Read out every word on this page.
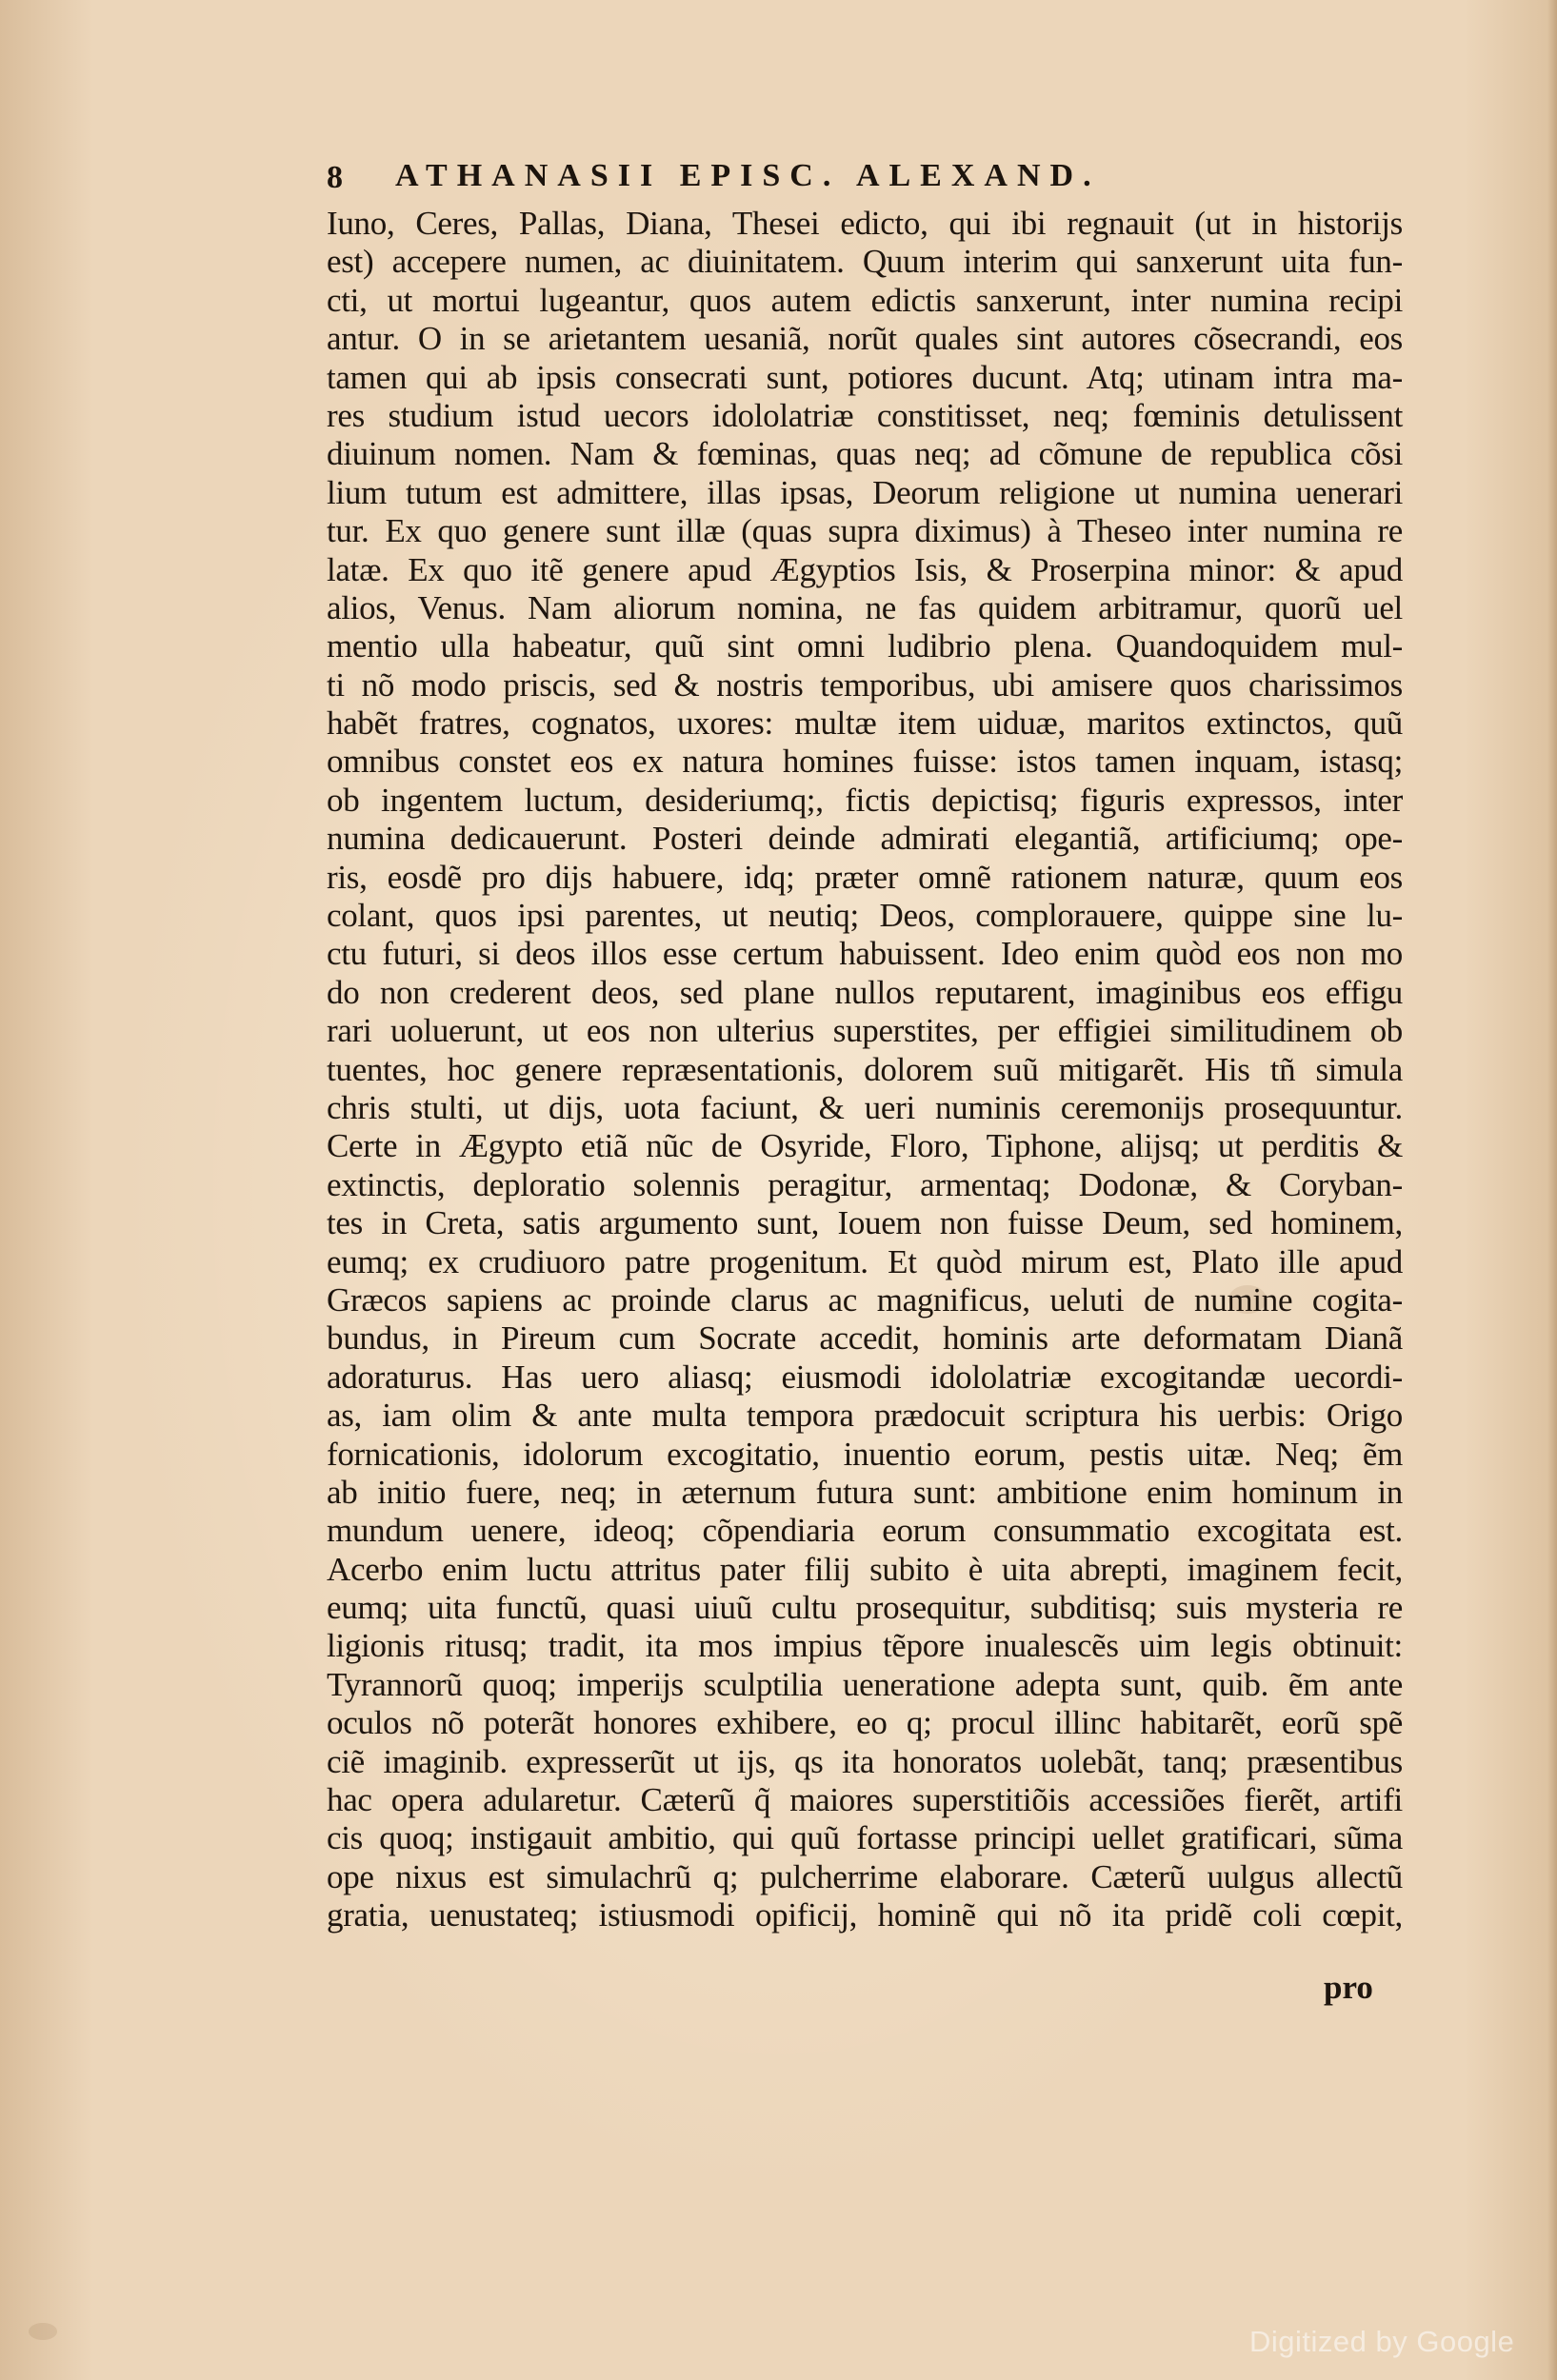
8 ATHANASII EPISC. ALEXAND.
Iuno, Ceres, Pallas, Diana, Thesei edicto, qui ibi regnauit (ut in historijs
est) accepere numen, ac diuinitatem. Quum interim qui sanxerunt uita fun-
cti, ut mortui lugeantur, quos autem edictis sanxerunt, inter numina recipi
antur. O in se arietantem uesaniã, norũt quales sint autores cõsecrandi, eos
tamen qui ab ipsis consecrati sunt, potiores ducunt. Atq; utinam intra ma-
res studium istud uecors idololatriæ constitisset, neq; fœminis detulissent
diuinum nomen. Nam & fœminas, quas neq; ad cõmune de republica cõsi
lium tutum est admittere, illas ipsas, Deorum religione ut numina uenerari
tur. Ex quo genere sunt illæ (quas supra diximus) à Theseo inter numina re
latæ. Ex quo itẽ genere apud Ægyptios Isis, & Proserpina minor: & apud
alios, Venus. Nam aliorum nomina, ne fas quidem arbitramur, quorũ uel
mentio ulla habeatur, quũ sint omni ludibrio plena. Quandoquidem mul-
ti nõ modo priscis, sed & nostris temporibus, ubi amisere quos charissimos
habẽt fratres, cognatos, uxores: multæ item uiduæ, maritos extinctos, quũ
omnibus constet eos ex natura homines fuisse: istos tamen inquam, istasq;
ob ingentem luctum, desideriumq;, fictis depictisq; figuris expressos, inter
numina dedicauerunt. Posteri deinde admirati elegantiã, artificiumq; ope-
ris, eosdẽ pro dijs habuere, idq; præter omnẽ rationem naturæ, quum eos
colant, quos ipsi parentes, ut neutiq; Deos, complorauere, quippe sine lu-
ctu futuri, si deos illos esse certum habuissent. Ideo enim quòd eos non mo
do non crederent deos, sed plane nullos reputarent, imaginibus eos effigu
rari uoluerunt, ut eos non ulterius superstites, per effigiei similitudinem ob
tuentes, hoc genere repræsentationis, dolorem suũ mitigarẽt. His tñ simula
chris stulti, ut dijs, uota faciunt, & ueri numinis ceremonijs prosequuntur.
Certe in Ægypto etiã nũc de Osyride, Floro, Tiphone, alijsq; ut perditis &
extinctis, deploratio solennis peragitur, armentaq; Dodonæ, & Coryban-
tes in Creta, satis argumento sunt, Iouem non fuisse Deum, sed hominem,
eumq; ex crudiuoro patre progenitum. Et quòd mirum est, Plato ille apud
Græcos sapiens ac proinde clarus ac magnificus, ueluti de numine cogita-
bundus, in Pireum cum Socrate accedit, hominis arte deformatam Dianã
adoraturus. Has uero aliasq; eiusmodi idololatriæ excogitandæ uecordi-
as, iam olim & ante multa tempora prædocuit scriptura his uerbis: Origo
fornicationis, idolorum excogitatio, inuentio eorum, pestis uitæ. Neq; ẽm
ab initio fuere, neq; in æternum futura sunt: ambitione enim hominum in
mundum uenere, ideoq; cõpendiaria eorum consummatio excogitata est.
Acerbo enim luctu attritus pater filij subito è uita abrepti, imaginem fecit,
eumq; uita functũ, quasi uiuũ cultu prosequitur, subditisq; suis mysteria re
ligionis ritusq; tradit, ita mos impius tẽpore inualescẽs uim legis obtinuit:
Tyrannorũ quoq; imperijs sculptilia ueneratione adepta sunt, quib. ẽm ante
oculos nõ poterãt honores exhibere, eo q; procul illinc habitarẽt, eorũ spẽ
ciẽ imaginib. expresserũt ut ijs, qs ita honoratos uolebãt, tanq; præsentibus
hac opera adularetur. Cæterũ q̃ maiores superstitiõis accessiões fierẽt, artifi
cis quoq; instigauit ambitio, qui quũ fortasse principi uellet gratificari, sũma
ope nixus est simulachrũ q; pulcherrime elaborare. Cæterũ uulgus allectũ
gratia, uenustateq; istiusmodi opificij, hominẽ qui nõ ita pridẽ coli cœpit,
pro
Digitized by Google
